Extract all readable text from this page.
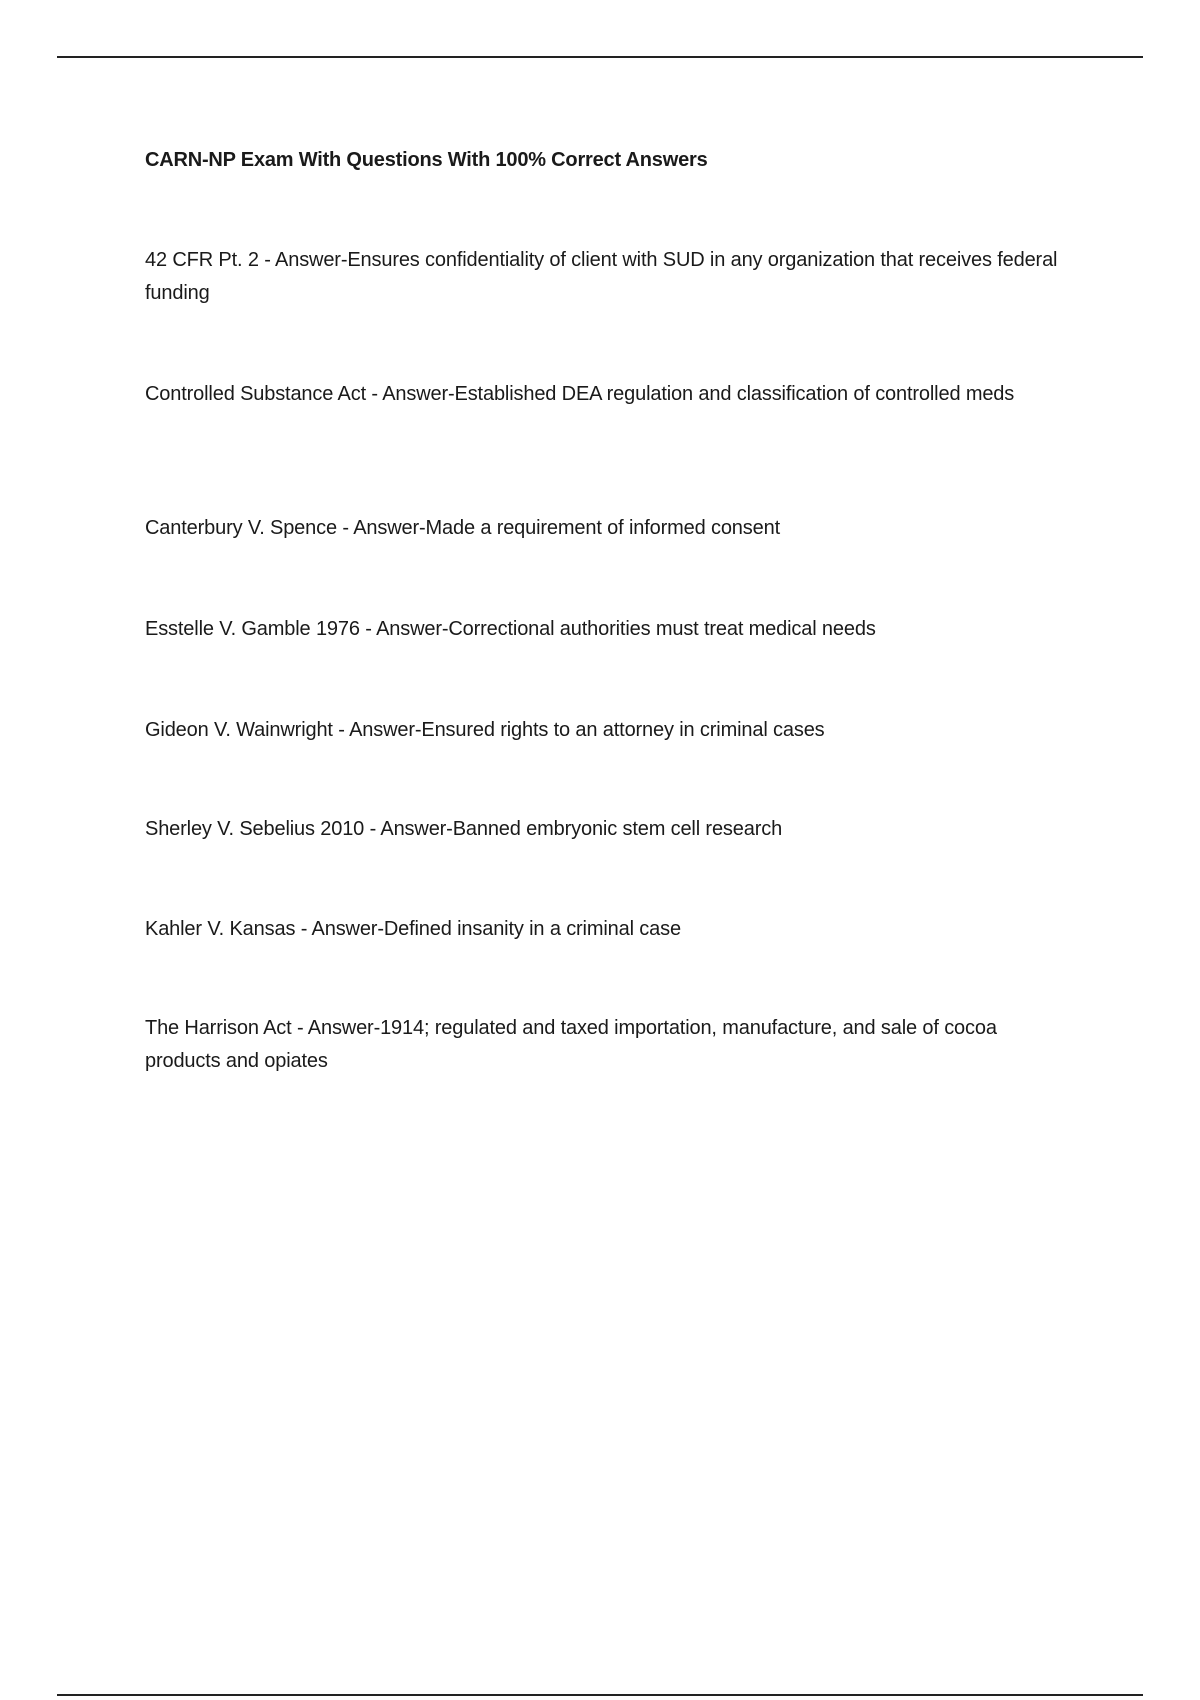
CARN-NP Exam With Questions With 100% Correct Answers

42 CFR Pt. 2 - Answer-Ensures confidentiality of client with SUD in any organization that receives federal funding

Controlled Substance Act - Answer-Established DEA regulation and classification of controlled meds

Canterbury V. Spence - Answer-Made a requirement of informed consent

Esstelle V. Gamble 1976 - Answer-Correctional authorities must treat medical needs

Gideon V. Wainwright - Answer-Ensured rights to an attorney in criminal cases

Sherley V. Sebelius 2010 - Answer-Banned embryonic stem cell research

Kahler V. Kansas - Answer-Defined insanity in a criminal case

The Harrison Act - Answer-1914; regulated and taxed importation, manufacture, and sale of cocoa products and opiates
